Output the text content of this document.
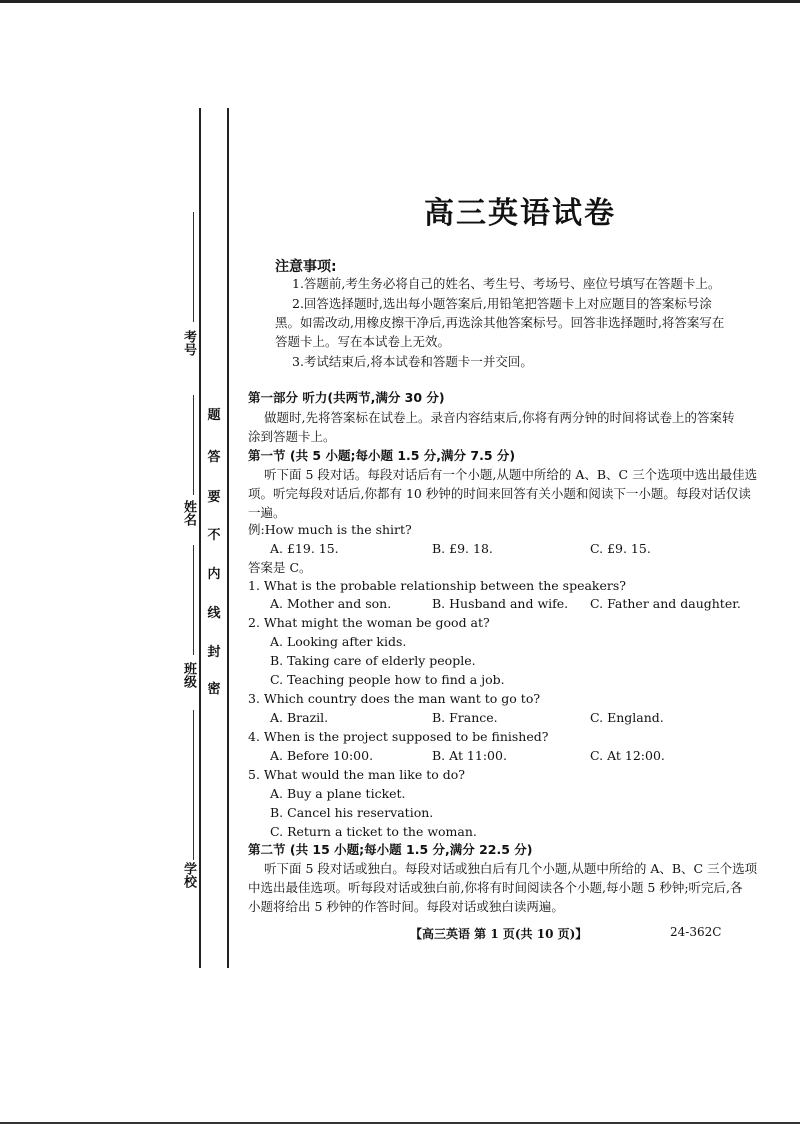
考号
姓名
班级
学校
题
答
要
不
内
线
封
密
高三英语试卷
注意事项:
1.答题前,考生务必将自己的姓名、考生号、考场号、座位号填写在答题卡上。
2.回答选择题时,选出每小题答案后,用铅笔把答题卡上对应题目的答案标号涂
黑。如需改动,用橡皮擦干净后,再选涂其他答案标号。回答非选择题时,将答案写在
答题卡上。写在本试卷上无效。
3.考试结束后,将本试卷和答题卡一并交回。
第一部分 听力(共两节,满分 30 分)
做题时,先将答案标在试卷上。录音内容结束后,你将有两分钟的时间将试卷上的答案转
涂到答题卡上。
第一节 (共 5 小题;每小题 1.5 分,满分 7.5 分)
听下面 5 段对话。每段对话后有一个小题,从题中所给的 A、B、C 三个选项中选出最佳选
项。听完每段对话后,你都有 10 秒钟的时间来回答有关小题和阅读下一小题。每段对话仅读
一遍。
例:How much is the shirt?
A. £19. 15.	B. £9. 18.	C. £9. 15.
答案是 C。
1. What is the probable relationship between the speakers?
A. Mother and son.	B. Husband and wife. C. Father and daughter.
2. What might the woman be good at?
A. Looking after kids.
B. Taking care of elderly people.
C. Teaching people how to find a job.
3. Which country does the man want to go to?
A. Brazil.	B. France.	C. England.
4. When is the project supposed to be finished?
A. Before 10:00.	B. At 11:00.	C. At 12:00.
5. What would the man like to do?
A. Buy a plane ticket.
B. Cancel his reservation.
C. Return a ticket to the woman.
第二节 (共 15 小题;每小题 1.5 分,满分 22.5 分)
听下面 5 段对话或独白。每段对话或独白后有几个小题,从题中所给的 A、B、C 三个选项
中选出最佳选项。听每段对话或独白前,你将有时间阅读各个小题,每小题 5 秒钟;听完后,各
小题将给出 5 秒钟的作答时间。每段对话或独白读两遍。
【高三英语 第 1 页(共 10 页)】	24-362C
